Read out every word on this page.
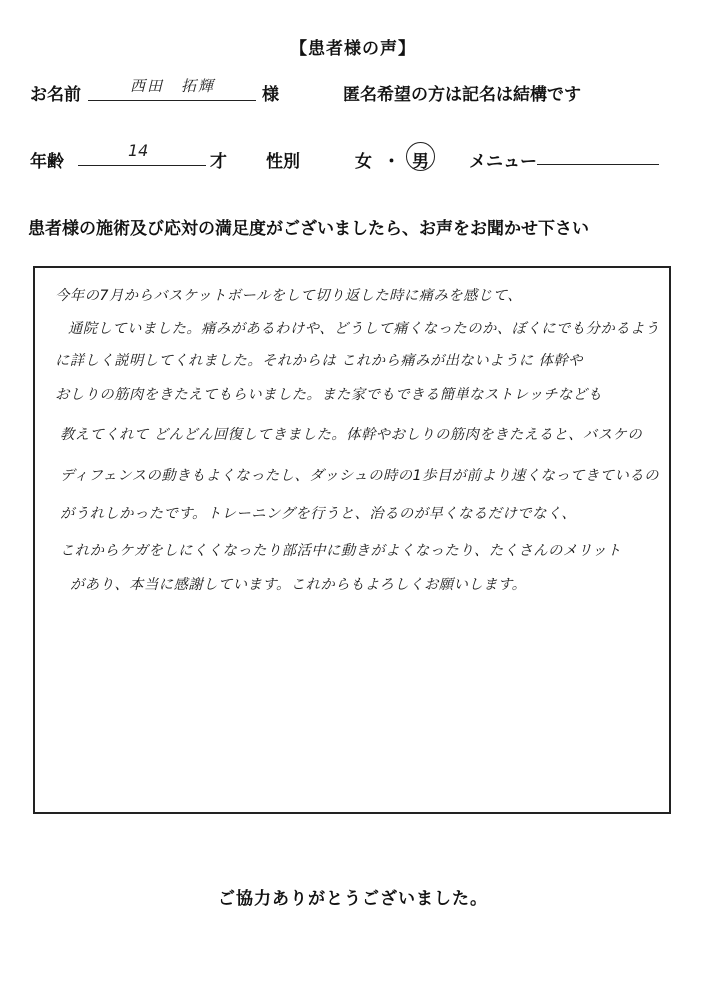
【患者様の声】
お名前	西田　拓輝	様	匿名希望の方は記名は結構です
年齢
14
才 性別	女 ・ 男 メニュー
患者様の施術及び応対の満足度がございましたら、お声をお聞かせ下さい
今年の7月からバスケットボールをして切り返した時に痛みを感じて、
通院していました。痛みがあるわけや、どうして痛くなったのか、ぼくにでも分かるよう
に詳しく説明してくれました。それからは これから痛みが出ないように 体幹や
おしりの筋肉をきたえてもらいました。また家でもできる簡単なストレッチなども
教えてくれて どんどん回復してきました。体幹やおしりの筋肉をきたえると、バスケの
ディフェンスの動きもよくなったし、ダッシュの時の1歩目が前より速くなってきているの
がうれしかったです。トレーニングを行うと、治るのが早くなるだけでなく、
これからケガをしにくくなったり部活中に動きがよくなったり、たくさんのメリット
があり、本当に感謝しています。これからもよろしくお願いします。
ご協力ありがとうございました。
